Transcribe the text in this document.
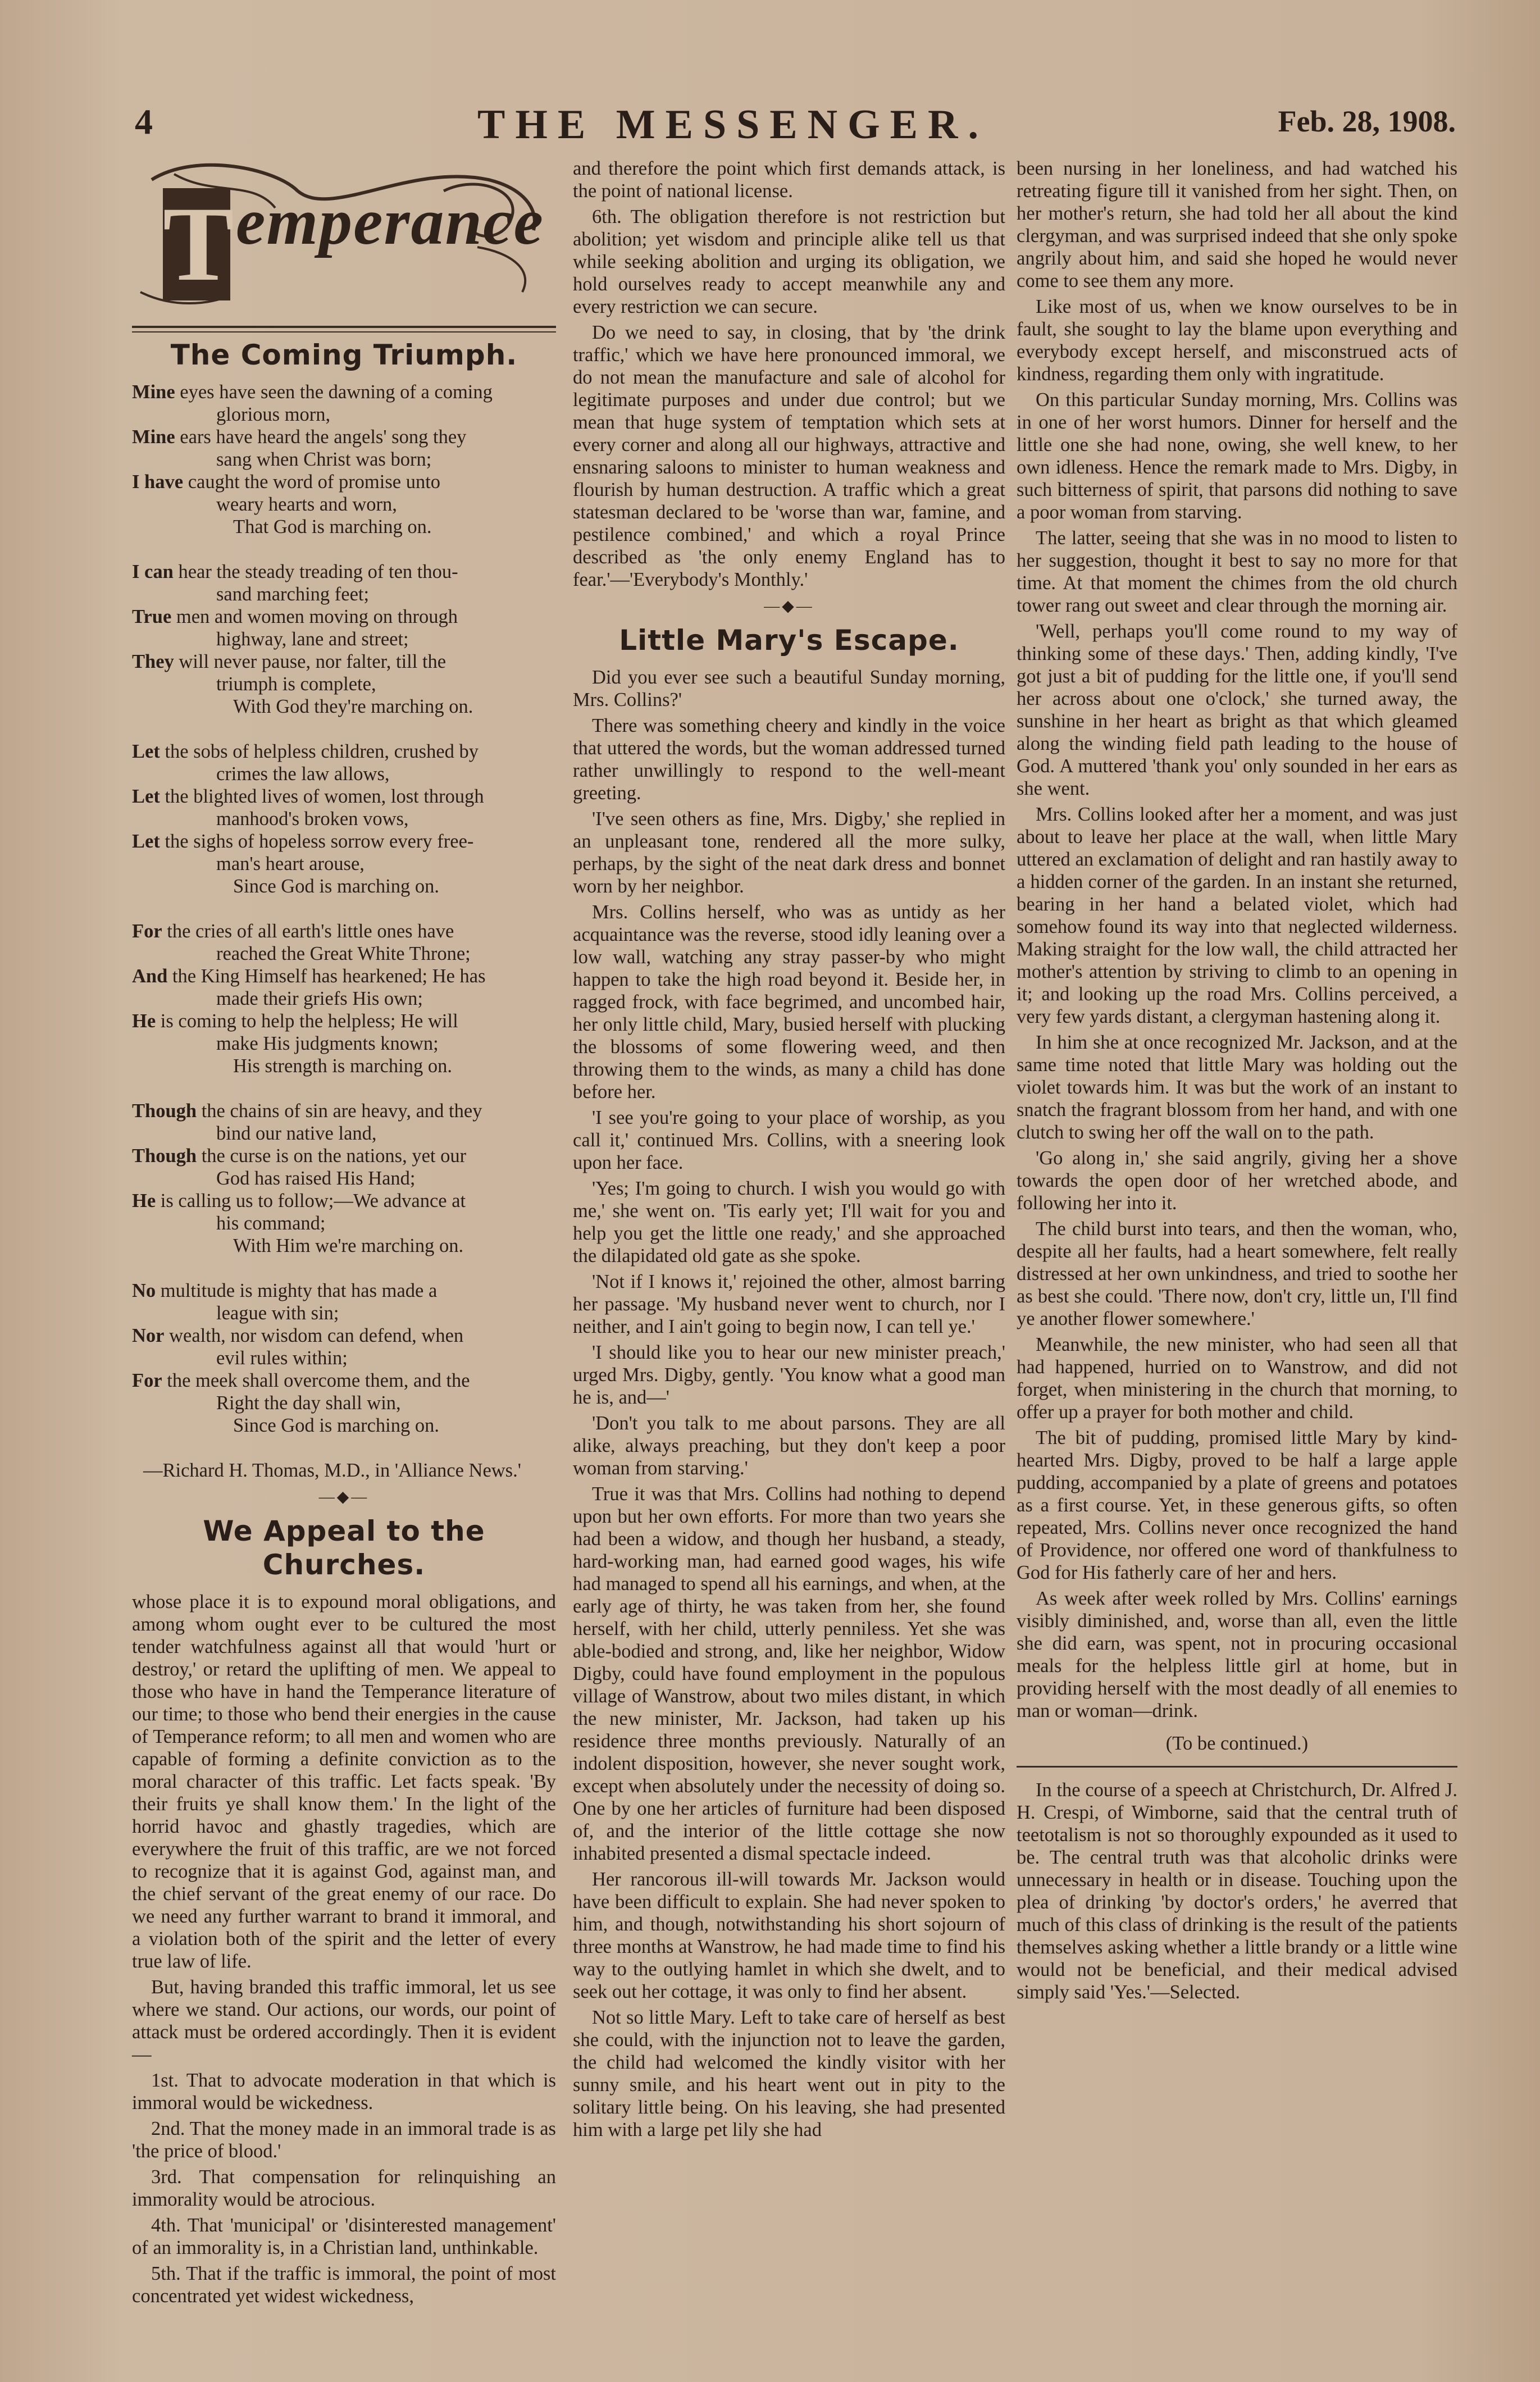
4	THE MESSENGER.	Feb. 28, 1908.
T emperance
The Coming Triumph.
Mine eyes have seen the dawning of a coming
glorious morn,
Mine ears have heard the angels' song they
sang when Christ was born;
I have caught the word of promise unto
weary hearts and worn,
That God is marching on.
I can hear the steady treading of ten thou-
sand marching feet;
True men and women moving on through
highway, lane and street;
They will never pause, nor falter, till the
triumph is complete,
With God they're marching on.
Let the sobs of helpless children, crushed by
crimes the law allows,
Let the blighted lives of women, lost through
manhood's broken vows,
Let the sighs of hopeless sorrow every free-
man's heart arouse,
Since God is marching on.
For the cries of all earth's little ones have
reached the Great White Throne;
And the King Himself has hearkened; He has
made their griefs His own;
He is coming to help the helpless; He will
make His judgments known;
His strength is marching on.
Though the chains of sin are heavy, and they
bind our native land,
Though the curse is on the nations, yet our
God has raised His Hand;
He is calling us to follow;—We advance at
his command;
With Him we're marching on.
No multitude is mighty that has made a
league with sin;
Nor wealth, nor wisdom can defend, when
evil rules within;
For the meek shall overcome them, and the
Right the day shall win,
Since God is marching on.
—Richard H. Thomas, M.D., in 'Alliance News.'
—◆—
We Appeal to the Churches.

whose place it is to expound moral obligations, and among whom ought ever to be cultured the most tender watchfulness against all that would 'hurt or destroy,' or retard the uplifting of men. We appeal to those who have in hand the Temperance literature of our time; to those who bend their energies in the cause of Temperance reform; to all men and women who are capable of forming a definite conviction as to the moral character of this traffic. Let facts speak. 'By their fruits ye shall know them.' In the light of the horrid havoc and ghastly tragedies, which are everywhere the fruit of this traffic, are we not forced to recognize that it is against God, against man, and the chief servant of the great enemy of our race. Do we need any further warrant to brand it immoral, and a violation both of the spirit and the letter of every true law of life.

But, having branded this traffic immoral, let us see where we stand. Our actions, our words, our point of attack must be ordered accordingly. Then it is evident—

1st. That to advocate moderation in that which is immoral would be wickedness.

2nd. That the money made in an immoral trade is as 'the price of blood.'

3rd. That compensation for relinquishing an immorality would be atrocious.

4th. That 'municipal' or 'disinterested management' of an immorality is, in a Christian land, unthinkable.

5th. That if the traffic is immoral, the point of most concentrated yet widest wickedness,

and therefore the point which first demands attack, is the point of national license.

6th. The obligation therefore is not restriction but abolition; yet wisdom and principle alike tell us that while seeking abolition and urging its obligation, we hold ourselves ready to accept meanwhile any and every restriction we can secure.

Do we need to say, in closing, that by 'the drink traffic,' which we have here pronounced immoral, we do not mean the manufacture and sale of alcohol for legitimate purposes and under due control; but we mean that huge system of temptation which sets at every corner and along all our highways, attractive and ensnaring saloons to minister to human weakness and flourish by human destruction. A traffic which a great statesman declared to be 'worse than war, famine, and pestilence combined,' and which a royal Prince described as 'the only enemy England has to fear.'—'Everybody's Monthly.'

—◆—
Little Mary's Escape.

Did you ever see such a beautiful Sunday morning, Mrs. Collins?'

There was something cheery and kindly in the voice that uttered the words, but the woman addressed turned rather unwillingly to respond to the well-meant greeting.

'I've seen others as fine, Mrs. Digby,' she replied in an unpleasant tone, rendered all the more sulky, perhaps, by the sight of the neat dark dress and bonnet worn by her neighbor.

Mrs. Collins herself, who was as untidy as her acquaintance was the reverse, stood idly leaning over a low wall, watching any stray passer-by who might happen to take the high road beyond it. Beside her, in ragged frock, with face begrimed, and uncombed hair, her only little child, Mary, busied herself with plucking the blossoms of some flowering weed, and then throwing them to the winds, as many a child has done before her.

'I see you're going to your place of worship, as you call it,' continued Mrs. Collins, with a sneering look upon her face.

'Yes; I'm going to church. I wish you would go with me,' she went on. 'Tis early yet; I'll wait for you and help you get the little one ready,' and she approached the dilapidated old gate as she spoke.

'Not if I knows it,' rejoined the other, almost barring her passage. 'My husband never went to church, nor I neither, and I ain't going to begin now, I can tell ye.'

'I should like you to hear our new minister preach,' urged Mrs. Digby, gently. 'You know what a good man he is, and—'

'Don't you talk to me about parsons. They are all alike, always preaching, but they don't keep a poor woman from starving.'

True it was that Mrs. Collins had nothing to depend upon but her own efforts. For more than two years she had been a widow, and though her husband, a steady, hard-working man, had earned good wages, his wife had managed to spend all his earnings, and when, at the early age of thirty, he was taken from her, she found herself, with her child, utterly penniless. Yet she was able-bodied and strong, and, like her neighbor, Widow Digby, could have found employment in the populous village of Wanstrow, about two miles distant, in which the new minister, Mr. Jackson, had taken up his residence three months previously. Naturally of an indolent disposition, however, she never sought work, except when absolutely under the necessity of doing so. One by one her articles of furniture had been disposed of, and the interior of the little cottage she now inhabited presented a dismal spectacle indeed.

Her rancorous ill-will towards Mr. Jackson would have been difficult to explain. She had never spoken to him, and though, notwithstanding his short sojourn of three months at Wanstrow, he had made time to find his way to the outlying hamlet in which she dwelt, and to seek out her cottage, it was only to find her absent.

Not so little Mary. Left to take care of herself as best she could, with the injunction not to leave the garden, the child had welcomed the kindly visitor with her sunny smile, and his heart went out in pity to the solitary little being. On his leaving, she had presented him with a large pet lily she had

been nursing in her loneliness, and had watched his retreating figure till it vanished from her sight. Then, on her mother's return, she had told her all about the kind clergyman, and was surprised indeed that she only spoke angrily about him, and said she hoped he would never come to see them any more.

Like most of us, when we know ourselves to be in fault, she sought to lay the blame upon everything and everybody except herself, and misconstrued acts of kindness, regarding them only with ingratitude.

On this particular Sunday morning, Mrs. Collins was in one of her worst humors. Dinner for herself and the little one she had none, owing, she well knew, to her own idleness. Hence the remark made to Mrs. Digby, in such bitterness of spirit, that parsons did nothing to save a poor woman from starving.

The latter, seeing that she was in no mood to listen to her suggestion, thought it best to say no more for that time. At that moment the chimes from the old church tower rang out sweet and clear through the morning air.

'Well, perhaps you'll come round to my way of thinking some of these days.' Then, adding kindly, 'I've got just a bit of pudding for the little one, if you'll send her across about one o'clock,' she turned away, the sunshine in her heart as bright as that which gleamed along the winding field path leading to the house of God. A muttered 'thank you' only sounded in her ears as she went.

Mrs. Collins looked after her a moment, and was just about to leave her place at the wall, when little Mary uttered an exclamation of delight and ran hastily away to a hidden corner of the garden. In an instant she returned, bearing in her hand a belated violet, which had somehow found its way into that neglected wilderness. Making straight for the low wall, the child attracted her mother's attention by striving to climb to an opening in it; and looking up the road Mrs. Collins perceived, a very few yards distant, a clergyman hastening along it.

In him she at once recognized Mr. Jackson, and at the same time noted that little Mary was holding out the violet towards him. It was but the work of an instant to snatch the fragrant blossom from her hand, and with one clutch to swing her off the wall on to the path.

'Go along in,' she said angrily, giving her a shove towards the open door of her wretched abode, and following her into it.

The child burst into tears, and then the woman, who, despite all her faults, had a heart somewhere, felt really distressed at her own unkindness, and tried to soothe her as best she could. 'There now, don't cry, little un, I'll find ye another flower somewhere.'

Meanwhile, the new minister, who had seen all that had happened, hurried on to Wanstrow, and did not forget, when ministering in the church that morning, to offer up a prayer for both mother and child.

The bit of pudding, promised little Mary by kind-hearted Mrs. Digby, proved to be half a large apple pudding, accompanied by a plate of greens and potatoes as a first course. Yet, in these generous gifts, so often repeated, Mrs. Collins never once recognized the hand of Providence, nor offered one word of thankfulness to God for His fatherly care of her and hers.

As week after week rolled by Mrs. Collins' earnings visibly diminished, and, worse than all, even the little she did earn, was spent, not in procuring occasional meals for the helpless little girl at home, but in providing herself with the most deadly of all enemies to man or woman—drink.

(To be continued.)

In the course of a speech at Christchurch, Dr. Alfred J. H. Crespi, of Wimborne, said that the central truth of teetotalism is not so thoroughly expounded as it used to be. The central truth was that alcoholic drinks were unnecessary in health or in disease. Touching upon the plea of drinking 'by doctor's orders,' he averred that much of this class of drinking is the result of the patients themselves asking whether a little brandy or a little wine would not be beneficial, and their medical advised simply said 'Yes.'—Selected.
